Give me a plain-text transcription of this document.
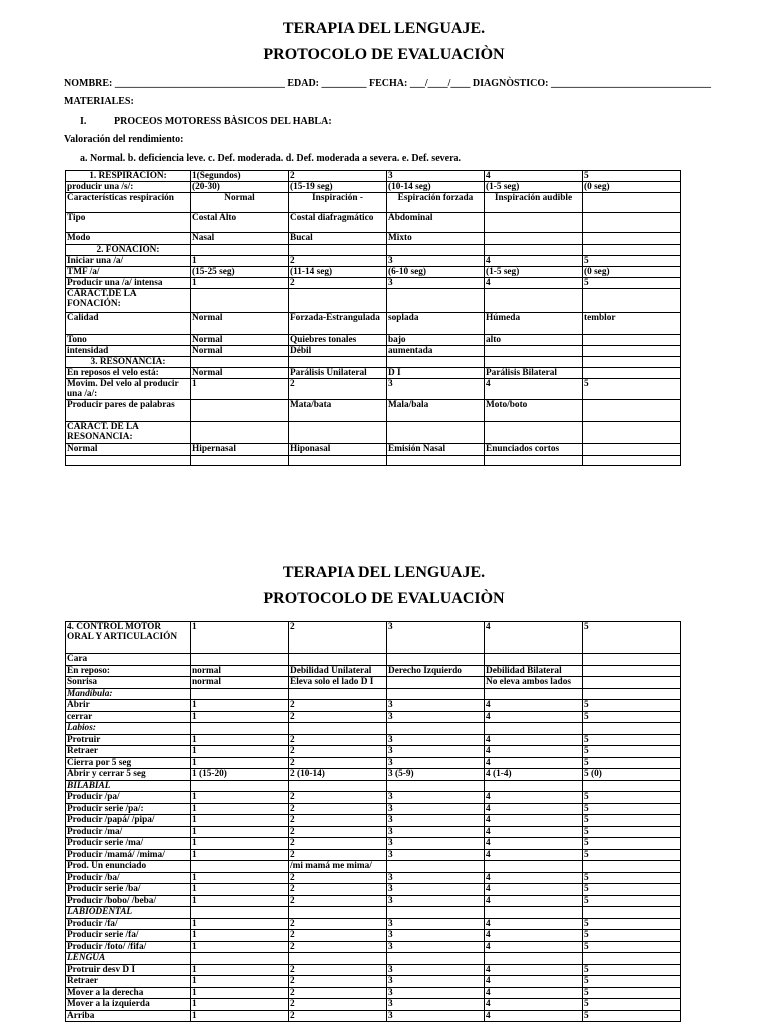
TERAPIA DEL LENGUAJE.
PROTOCOLO DE EVALUACIÒN
NOMBRE: __________________________________ EDAD: _________ FECHA: ___/____/____ DIAGNÒSTICO: ________________________________
MATERIALES:
I.	PROCEOS MOTORESS BÀSICOS DEL HABLA:
Valoración del rendimiento:
a. Normal. b. deficiencia leve. c. Def. moderada. d. Def. moderada a severa. e. Def. severa.
1. RESPIRACIÓN:	1(Segundos)	2	3	4	5
producir una /s/:	(20-30)	(15-19 seg)	(10-14 seg)	(1-5 seg)	(0 seg)
Características respiración	Normal	Inspiración -	Espiración forzada	Inspiración audible	
Tipo	Costal Alto	Costal diafragmático	Abdominal		
Modo	Nasal	Bucal	Mixto		
2. FONACIÓN:					
Iniciar una /a/	1	2	3	4	5
TMF /a/	(15-25 seg)	(11-14 seg)	(6-10 seg)	(1-5 seg)	(0 seg)
Producir una /a/ intensa	1	2	3	4	5
CARACT.DE LA FONACIÓN:					
Calidad	Normal	Forzada-Estrangulada	soplada	Húmeda	temblor
Tono	Normal	Quiebres tonales	bajo	alto	
intensidad	Normal	Débil	aumentada		
3. RESONANCIA:					
En reposos el velo está:	Normal	Parálisis Unilateral	D I	Parálisis Bilateral	
Movim. Del velo al producir una /a/:	1	2	3	4	5
Producir pares de palabras		Mata/bata	Mala/bala	Moto/boto	
CARACT. DE LA RESONANCIA:					
Normal	Hipernasal	Hiponasal	Emisión Nasal	Enunciados cortos	

TERAPIA DEL LENGUAJE.
PROTOCOLO DE EVALUACIÒN
4. CONTROL MOTOR ORAL Y ARTICULACIÓN	1	2	3	4	5
Cara					
En reposo:	normal	Debilidad Unilateral	Derecho Izquierdo	Debilidad Bilateral	
Sonrisa	normal	Eleva solo el lado D I		No eleva ambos lados	
Mandíbula:					
Abrir	1	2	3	4	5
cerrar	1	2	3	4	5
Labios:					
Protruir	1	2	3	4	5
Retraer	1	2	3	4	5
Cierra por 5 seg	1	2	3	4	5
Abrir y cerrar 5 seg	1 (15-20)	2 (10-14)	3 (5-9)	4 (1-4)	5 (0)
BILABIAL					
Producir /pa/	1	2	3	4	5
Producir serie /pa/:	1	2	3	4	5
Producir /papá/ /pipa/	1	2	3	4	5
Producir /ma/	1	2	3	4	5
Producir serie /ma/	1	2	3	4	5
Producir /mamá/ /mima/	1	2	3	4	5
Prod. Un enunciado		/mi mamá me mima/			
Producir /ba/	1	2	3	4	5
Producir serie /ba/	1	2	3	4	5
Producir /bobo/ /beba/	1	2	3	4	5
LABIODENTAL					
Producir /fa/	1	2	3	4	5
Producir serie /fa/	1	2	3	4	5
Producir /foto/ /fifa/	1	2	3	4	5
LENGUA					
Protruir desv D I	1	2	3	4	5
Retraer	1	2	3	4	5
Mover a la derecha	1	2	3	4	5
Mover a la izquierda	1	2	3	4	5
Arriba	1	2	3	4	5
